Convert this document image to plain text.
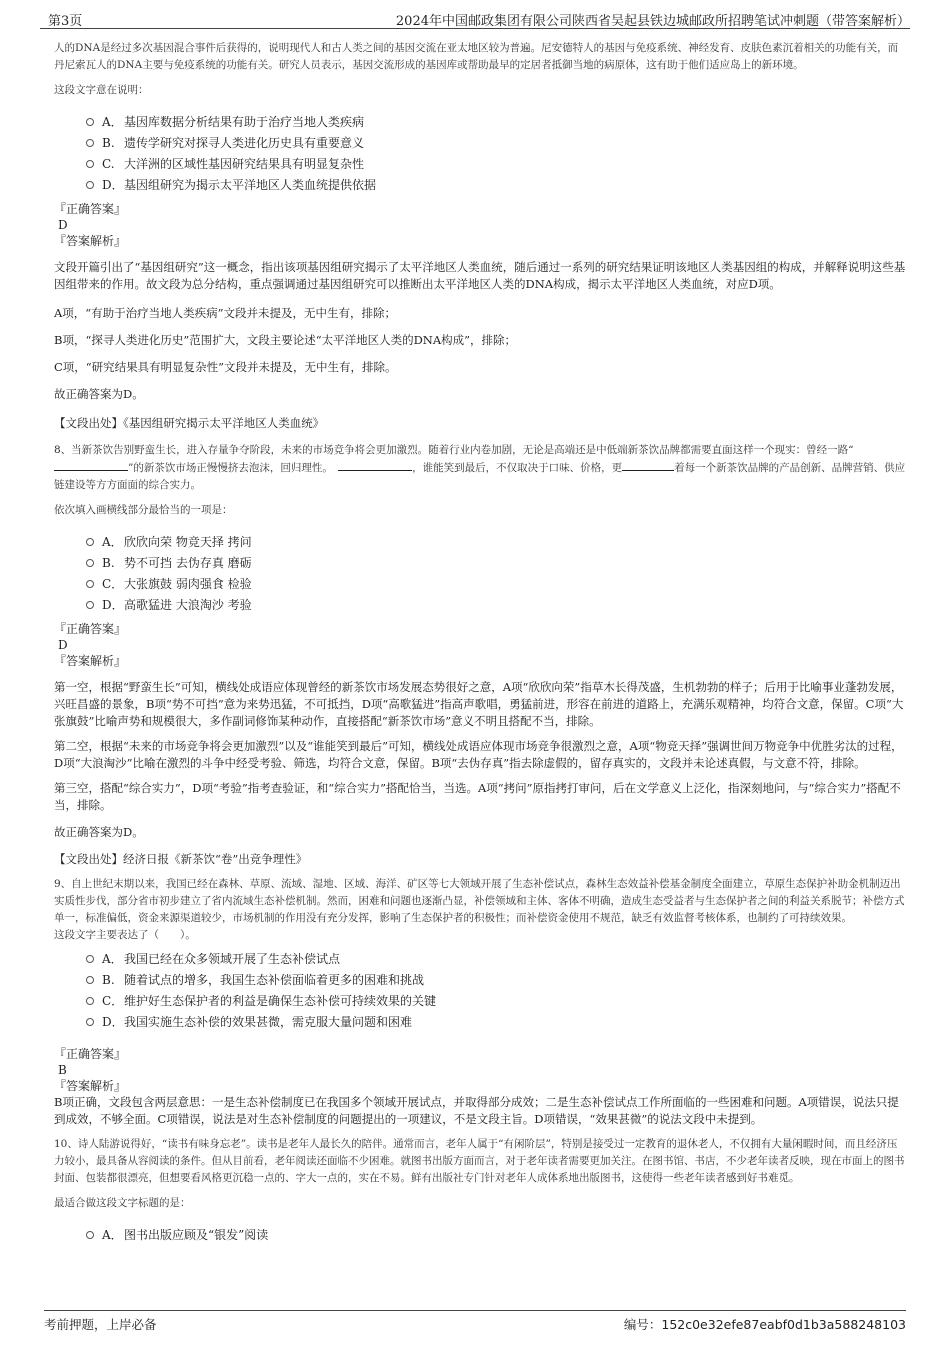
第3页	2024年中国邮政集团有限公司陕西省吴起县铁边城邮政所招聘笔试冲刺题（带答案解析）
人的DNA是经过多次基因混合事件后获得的，说明现代人和古人类之间的基因交流在亚太地区较为普遍。尼安德特人的基因与免疫系统、神经发育、皮肤色素沉着相关的功能有关，而丹尼索瓦人的DNA主要与免疫系统的功能有关。研究人员表示，基因交流形成的基因库或帮助最早的定居者抵御当地的病原体，这有助于他们适应岛上的新环境。
这段文字意在说明：
A． 基因库数据分析结果有助于治疗当地人类疾病
B. 遗传学研究对探寻人类进化历史具有重要意义
C. 大洋洲的区域性基因研究结果具有明显复杂性
D． 基因组研究为揭示太平洋地区人类血统提供依据
『正确答案』
D
『答案解析』
文段开篇引出了“基因组研究”这一概念，指出该项基因组研究揭示了太平洋地区人类血统，随后通过一系列的研究结果证明该地区人类基因组的构成，并解释说明这些基因组带来的作用。故文段为总分结构，重点强调通过基因组研究可以推断出太平洋地区人类的DNA构成，揭示太平洋地区人类血统，对应D项。
A项，“有助于治疗当地人类疾病”文段并未提及，无中生有，排除；
B项，“探寻人类进化历史”范围扩大，文段主要论述“太平洋地区人类的DNA构成”，排除；
C项，“研究结果具有明显复杂性”文段并未提及，无中生有，排除。
故正确答案为D。
【文段出处】《基因组研究揭示太平洋地区人类血统》
8、当新茶饮告别野蛮生长，进入存量争夺阶段，未来的市场竞争将会更加激烈。随着行业内卷加剧，无论是高端还是中低端新茶饮品牌都需要直面这样一个现实：曾经一路“”的新茶饮市场正慢慢挤去泡沫，回归理性。　	，谁能笑到最后，不仅取决于口味、价格，更	着每一个新茶饮品牌的产品创新、品牌营销、供应链建设等方方面面的综合实力。
依次填入画横线部分最恰当的一项是：
A． 欣欣向荣 物竞天择 拷问
B. 势不可挡 去伪存真 磨砺
C． 大张旗鼓 弱肉强食 检验
D． 高歌猛进 大浪淘沙 考验
『正确答案』
D
『答案解析』
第一空，根据“野蛮生长”可知，横线处成语应体现曾经的新茶饮市场发展态势很好之意，A项“欣欣向荣”指草木长得茂盛，生机勃勃的样子；后用于比喻事业蓬勃发展，兴旺昌盛的景象，B项“势不可挡”意为来势迅猛，不可抵挡，D项“高歌猛进”指高声歌唱，勇猛前进，形容在前进的道路上，充满乐观精神，均符合文意，保留。C项“大张旗鼓”比喻声势和规模很大，多作副词修饰某种动作，直接搭配“新茶饮市场”意义不明且搭配不当，排除。
第二空，根据“未来的市场竞争将会更加激烈”以及“谁能笑到最后”可知，横线处成语应体现市场竞争很激烈之意，A项“物竞天择”强调世间万物竞争中优胜劣汰的过程，D项“大浪淘沙”比喻在激烈的斗争中经受考验、筛选，均符合文意，保留。B项“去伪存真”指去除虚假的，留存真实的，文段并未论述真假，与文意不符，排除。
第三空，搭配“综合实力”，D项“考验”指考查验证，和“综合实力”搭配恰当，当选。A项“拷问”原指拷打审问，后在文学意义上泛化，指深刻地问，与“综合实力”搭配不当，排除。
故正确答案为D。
【文段出处】经济日报《新茶饮“卷”出竞争理性》
9、自上世纪末期以来，我国已经在森林、草原、流域、湿地、区域、海洋、矿区等七大领域开展了生态补偿试点，森林生态效益补偿基金制度全面建立，草原生态保护补助金机制迈出实质性步伐，部分省市初步建立了省内流域生态补偿机制。然而，困难和问题也逐渐凸显，补偿领域和主体、客体不明确，造成生态受益者与生态保护者之间的利益关系脱节；补偿方式单一，标准偏低，资金来源渠道较少，市场机制的作用没有充分发挥，影响了生态保护者的积极性；而补偿资金使用不规范，缺乏有效监督考核体系，也制约了可持续效果。
这段文字主要表达了（　　）。
A． 我国已经在众多领域开展了生态补偿试点
B. 随着试点的增多，我国生态补偿面临着更多的困难和挑战
C． 维护好生态保护者的利益是确保生态补偿可持续效果的关键
D． 我国实施生态补偿的效果甚微，需克服大量问题和困难
『正确答案』
B
『答案解析』
B项正确，文段包含两层意思：一是生态补偿制度已在我国多个领域开展试点，并取得部分成效；二是生态补偿试点工作所面临的一些困难和问题。A项错误，说法只提到成效，不够全面。C项错误，说法是对生态补偿制度的问题提出的一项建议，不是文段主旨。D项错误，“效果甚微”的说法文段中未提到。
10、诗人陆游说得好，“读书有味身忘老”。读书是老年人最长久的陪伴。通常而言，老年人属于“有闲阶层”，特别是接受过一定教育的退休老人，不仅拥有大量闲暇时间，而且经济压力较小，最具备从容阅读的条件。但从目前看，老年阅读还面临不少困难。就图书出版方面而言，对于老年读者需要更加关注。在图书馆、书店，不少老年读者反映，现在市面上的图书封面、包装都很漂亮，但想要看风格更沉稳一点的、字大一点的，实在不易。鲜有出版社专门针对老年人成体系地出版图书，这使得一些老年读者感到好书难觅。
最适合做这段文字标题的是：
A． 图书出版应顾及“银发”阅读
考前押题，上岸必备	编号：152c0e32efe87eabf0d1b3a588248103
